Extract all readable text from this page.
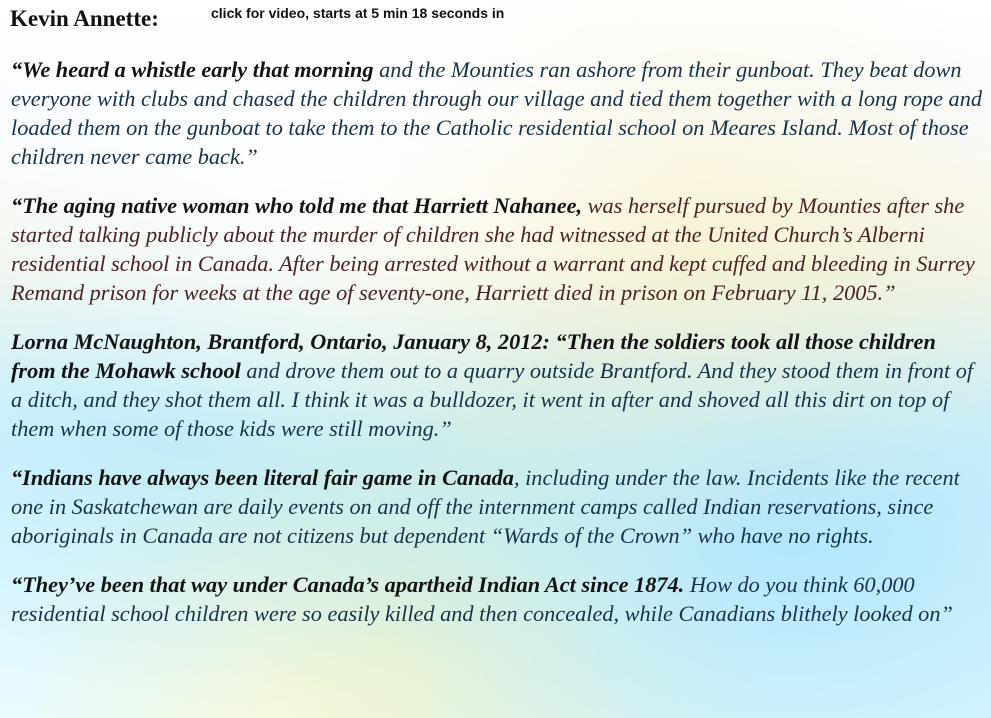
Kevin Annette:	click for video, starts at 5 min 18 seconds in

“We heard a whistle early that morning and the Mounties ran ashore from their gunboat. They beat down everyone with clubs and chased the children through our village and tied them together with a long rope and loaded them on the gunboat to take them to the Catholic residential school on Meares Island. Most of those children never came back.”

“The aging native woman who told me that Harriett Nahanee, was herself pursued by Mounties after she started talking publicly about the murder of children she had witnessed at the United Church’s Alberni residential school in Canada. After being arrested without a warrant and kept cuffed and bleeding in Surrey Remand prison for weeks at the age of seventy-one, Harriett died in prison on February 11, 2005.”

Lorna McNaughton, Brantford, Ontario, January 8, 2012: “Then the soldiers took all those children from the Mohawk school and drove them out to a quarry outside Brantford. And they stood them in front of a ditch, and they shot them all. I think it was a bulldozer, it went in after and shoved all this dirt on top of them when some of those kids were still moving.”

“Indians have always been literal fair game in Canada, including under the law. Incidents like the recent one in Saskatchewan are daily events on and off the internment camps called Indian reservations, since aboriginals in Canada are not citizens but dependent “Wards of the Crown” who have no rights.

“They’ve been that way under Canada’s apartheid Indian Act since 1874. How do you think 60,000 residential school children were so easily killed and then concealed, while Canadians blithely looked on”
